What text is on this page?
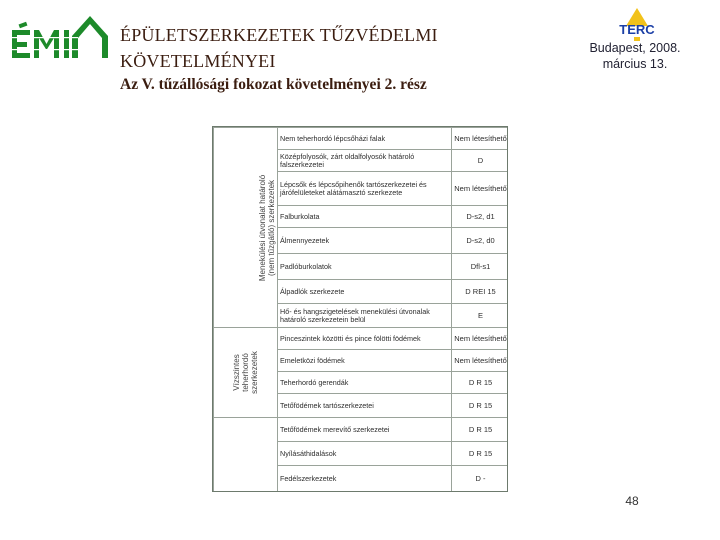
ÉPÜLETSZERKEZETEK TŰZVÉDELMI
KÖVETELMÉNYEI
Az V. tűzállósági fokozat követelményei 2. rész
TERC
Budapest, 2008.
március 13.
Menekülési útvonalat határoló (nem tűzgátló) szerkezetek	Nem teherhordó lépcsőházi falak	Nem létesíthető
	Középfolyosók, zárt oldalfolyosók határoló falszerkezetei	D
	Lépcsők és lépcsőpihenők tartószerkezetei és járófelületeket alátámasztó szerkezete	Nem létesíthető
	Falburkolata	D-s2, d1
	Álmennyezetek	D-s2, d0
	Padlóburkolatok	Dfl-s1
	Álpadlók szerkezete	D REI 15
	Hő- és hangszigetelések menekülési útvonalak határoló szerkezetein belül	E

Vízszintes teherhordó szerkezetek	Pinceszintek közötti és pince fölötti födémek	Nem létesíthető
	Emeletközi födémek	Nem létesíthető
	Teherhordó gerendák	D R 15
	Tetőfödémek tartószerkezetei	D R 15
	Tetőfödémek merevítő szerkezetei	D R 15
	Nyílásáthidalások	D R 15
	Fedélszerkezetek	D -
48
